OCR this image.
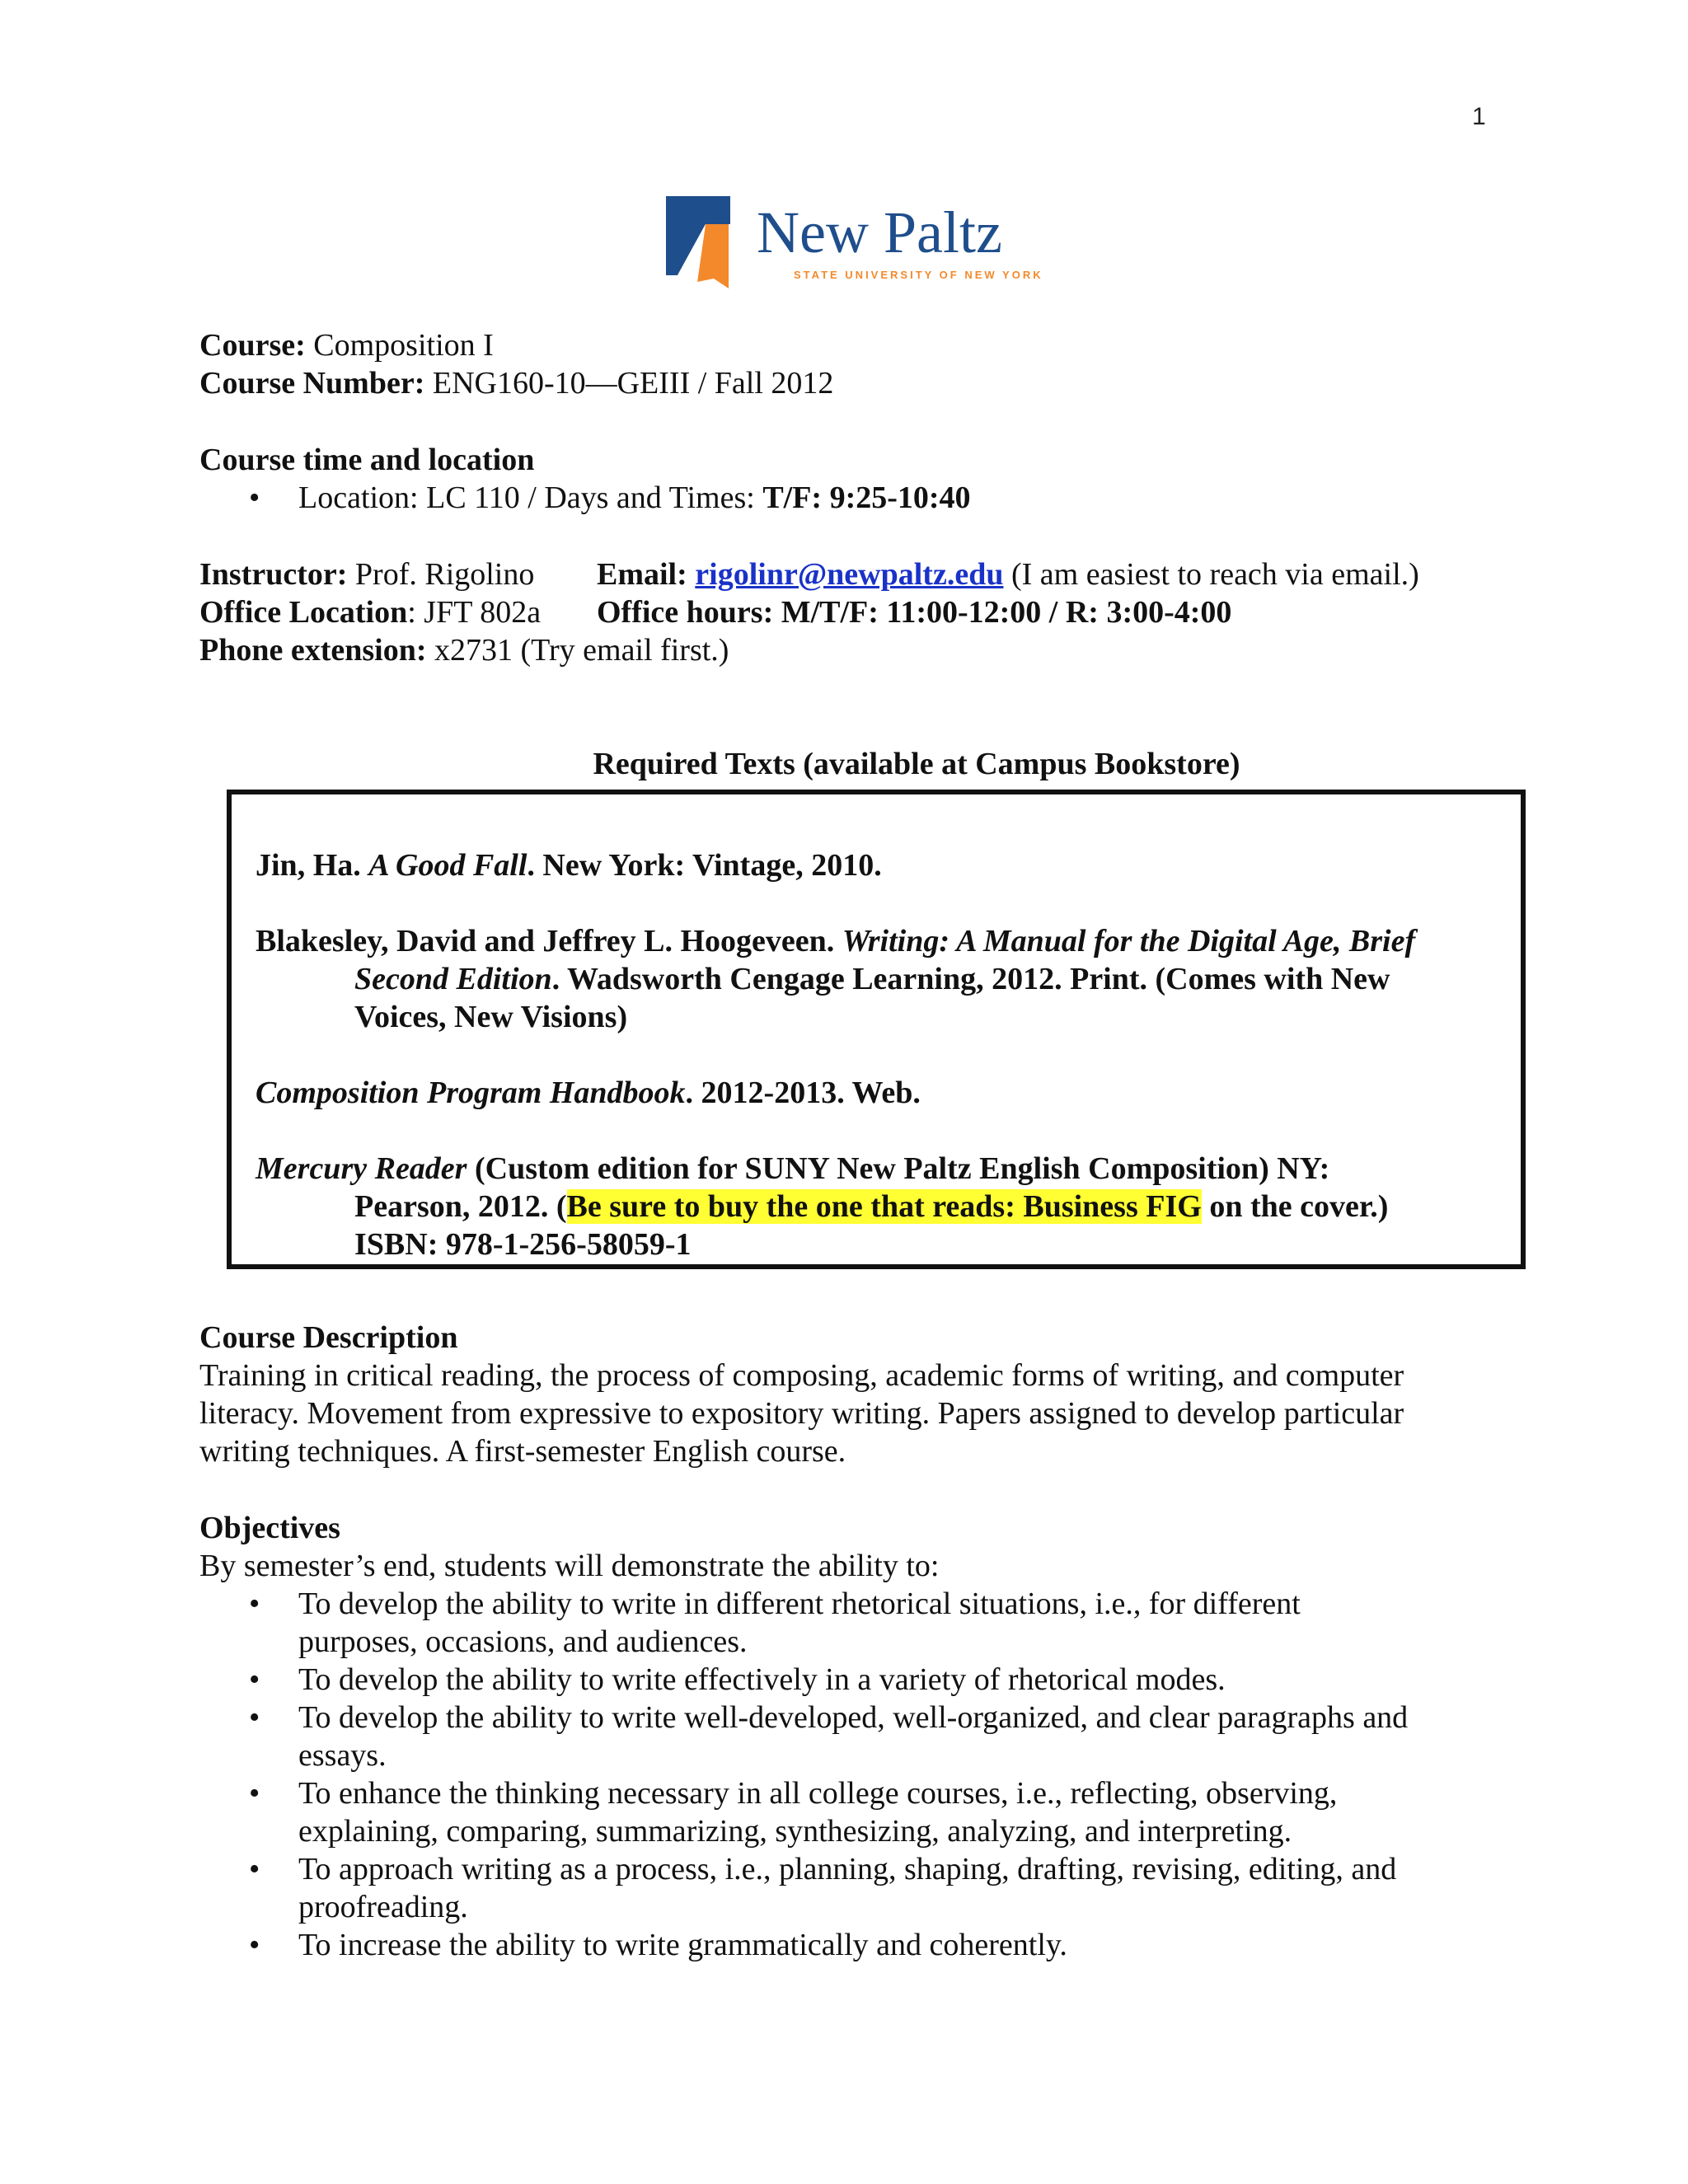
1
New Paltz
STATE UNIVERSITY OF NEW YORK
Course: Composition I
Course Number: ENG160-10—GEIII / Fall 2012
Course time and location
• Location: LC 110 / Days and Times: T/F: 9:25-10:40
Instructor: Prof. Rigolino Email: rigolinr@newpaltz.edu (I am easiest to reach via email.)
Office Location: JFT 802a Office hours: M/T/F: 11:00-12:00 / R: 3:00-4:00
Phone extension: x2731 (Try email first.)
Required Texts (available at Campus Bookstore)
Jin, Ha. A Good Fall. New York: Vintage, 2010.
Blakesley, David and Jeffrey L. Hoogeveen. Writing: A Manual for the Digital Age, Brief
Second Edition. Wadsworth Cengage Learning, 2012. Print. (Comes with New
Voices, New Visions)
Composition Program Handbook. 2012-2013. Web.
Mercury Reader (Custom edition for SUNY New Paltz English Composition) NY:
Pearson, 2012. (Be sure to buy the one that reads: Business FIG on the cover.)
ISBN: 978-1-256-58059-1
Course Description
Training in critical reading, the process of composing, academic forms of writing, and computer
literacy. Movement from expressive to expository writing. Papers assigned to develop particular
writing techniques. A first-semester English course.
Objectives
By semester’s end, students will demonstrate the ability to:
• To develop the ability to write in different rhetorical situations, i.e., for different
purposes, occasions, and audiences.
• To develop the ability to write effectively in a variety of rhetorical modes.
• To develop the ability to write well-developed, well-organized, and clear paragraphs and
essays.
• To enhance the thinking necessary in all college courses, i.e., reflecting, observing,
explaining, comparing, summarizing, synthesizing, analyzing, and interpreting.
• To approach writing as a process, i.e., planning, shaping, drafting, revising, editing, and
proofreading.
• To increase the ability to write grammatically and coherently.
